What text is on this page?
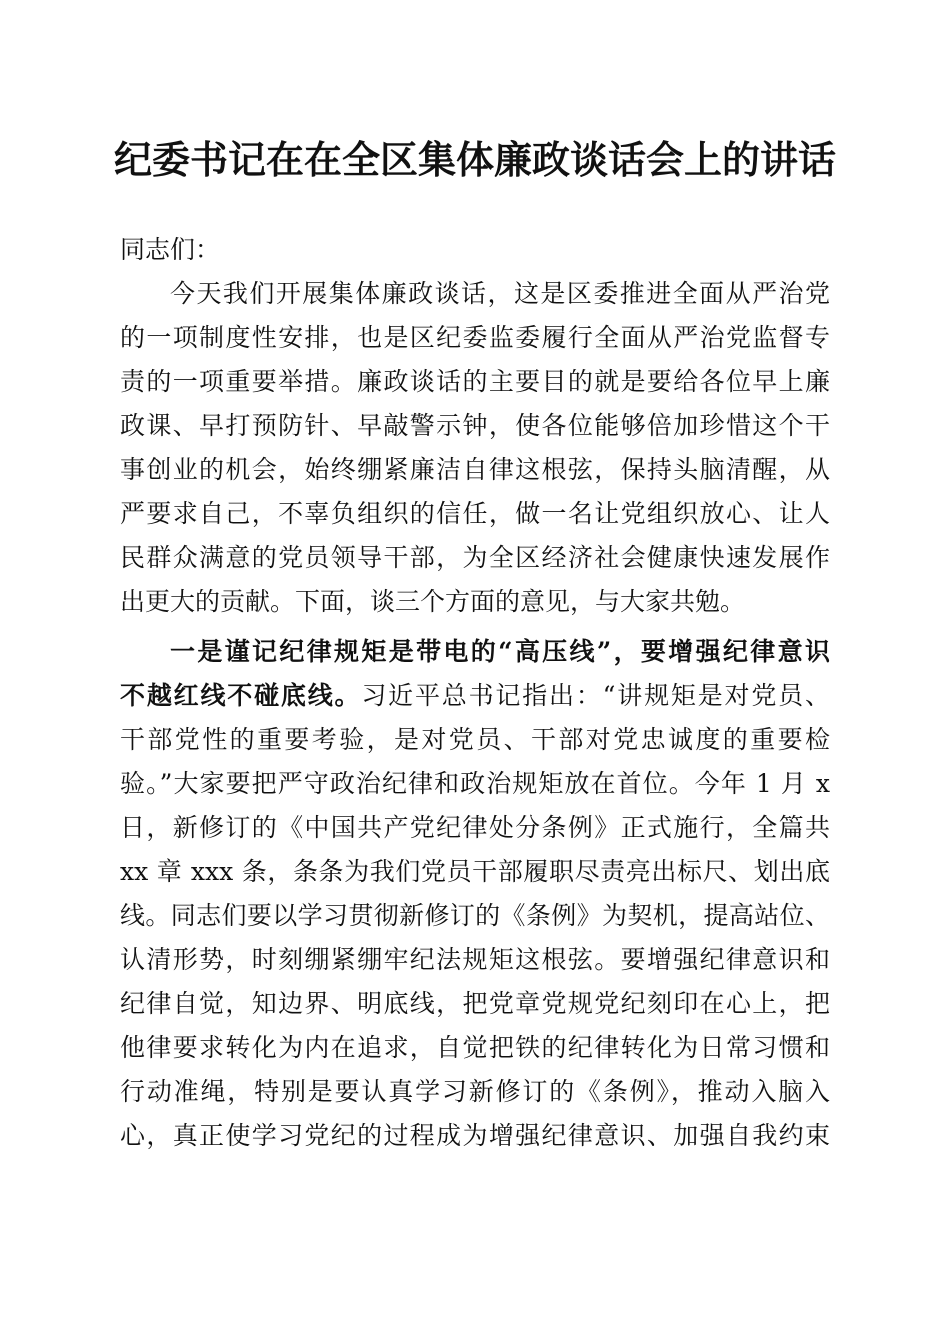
纪委书记在在全区集体廉政谈话会上的讲话
同志们：
今天我们开展集体廉政谈话，这是区委推进全面从严治党
的一项制度性安排，也是区纪委监委履行全面从严治党监督专
责的一项重要举措。廉政谈话的主要目的就是要给各位早上廉
政课、早打预防针、早敲警示钟，使各位能够倍加珍惜这个干
事创业的机会，始终绷紧廉洁自律这根弦，保持头脑清醒，从
严要求自己，不辜负组织的信任，做一名让党组织放心、让人
民群众满意的党员领导干部，为全区经济社会健康快速发展作
出更大的贡献。下面，谈三个方面的意见，与大家共勉。
一是谨记纪律规矩是带电的“高压线”，要增强纪律意识
不越红线不碰底线。习近平总书记指出：“讲规矩是对党员、
干部党性的重要考验，是对党员、干部对党忠诚度的重要检
验。”大家要把严守政治纪律和政治规矩放在首位。今年 1 月 x
日，新修订的《中国共产党纪律处分条例》正式施行，全篇共
xx 章 xxx 条，条条为我们党员干部履职尽责亮出标尺、划出底
线。同志们要以学习贯彻新修订的《条例》为契机，提高站位、
认清形势，时刻绷紧绷牢纪法规矩这根弦。要增强纪律意识和
纪律自觉，知边界、明底线，把党章党规党纪刻印在心上，把
他律要求转化为内在追求，自觉把铁的纪律转化为日常习惯和
行动准绳，特别是要认真学习新修订的《条例》，推动入脑入
心，真正使学习党纪的过程成为增强纪律意识、加强自我约束
